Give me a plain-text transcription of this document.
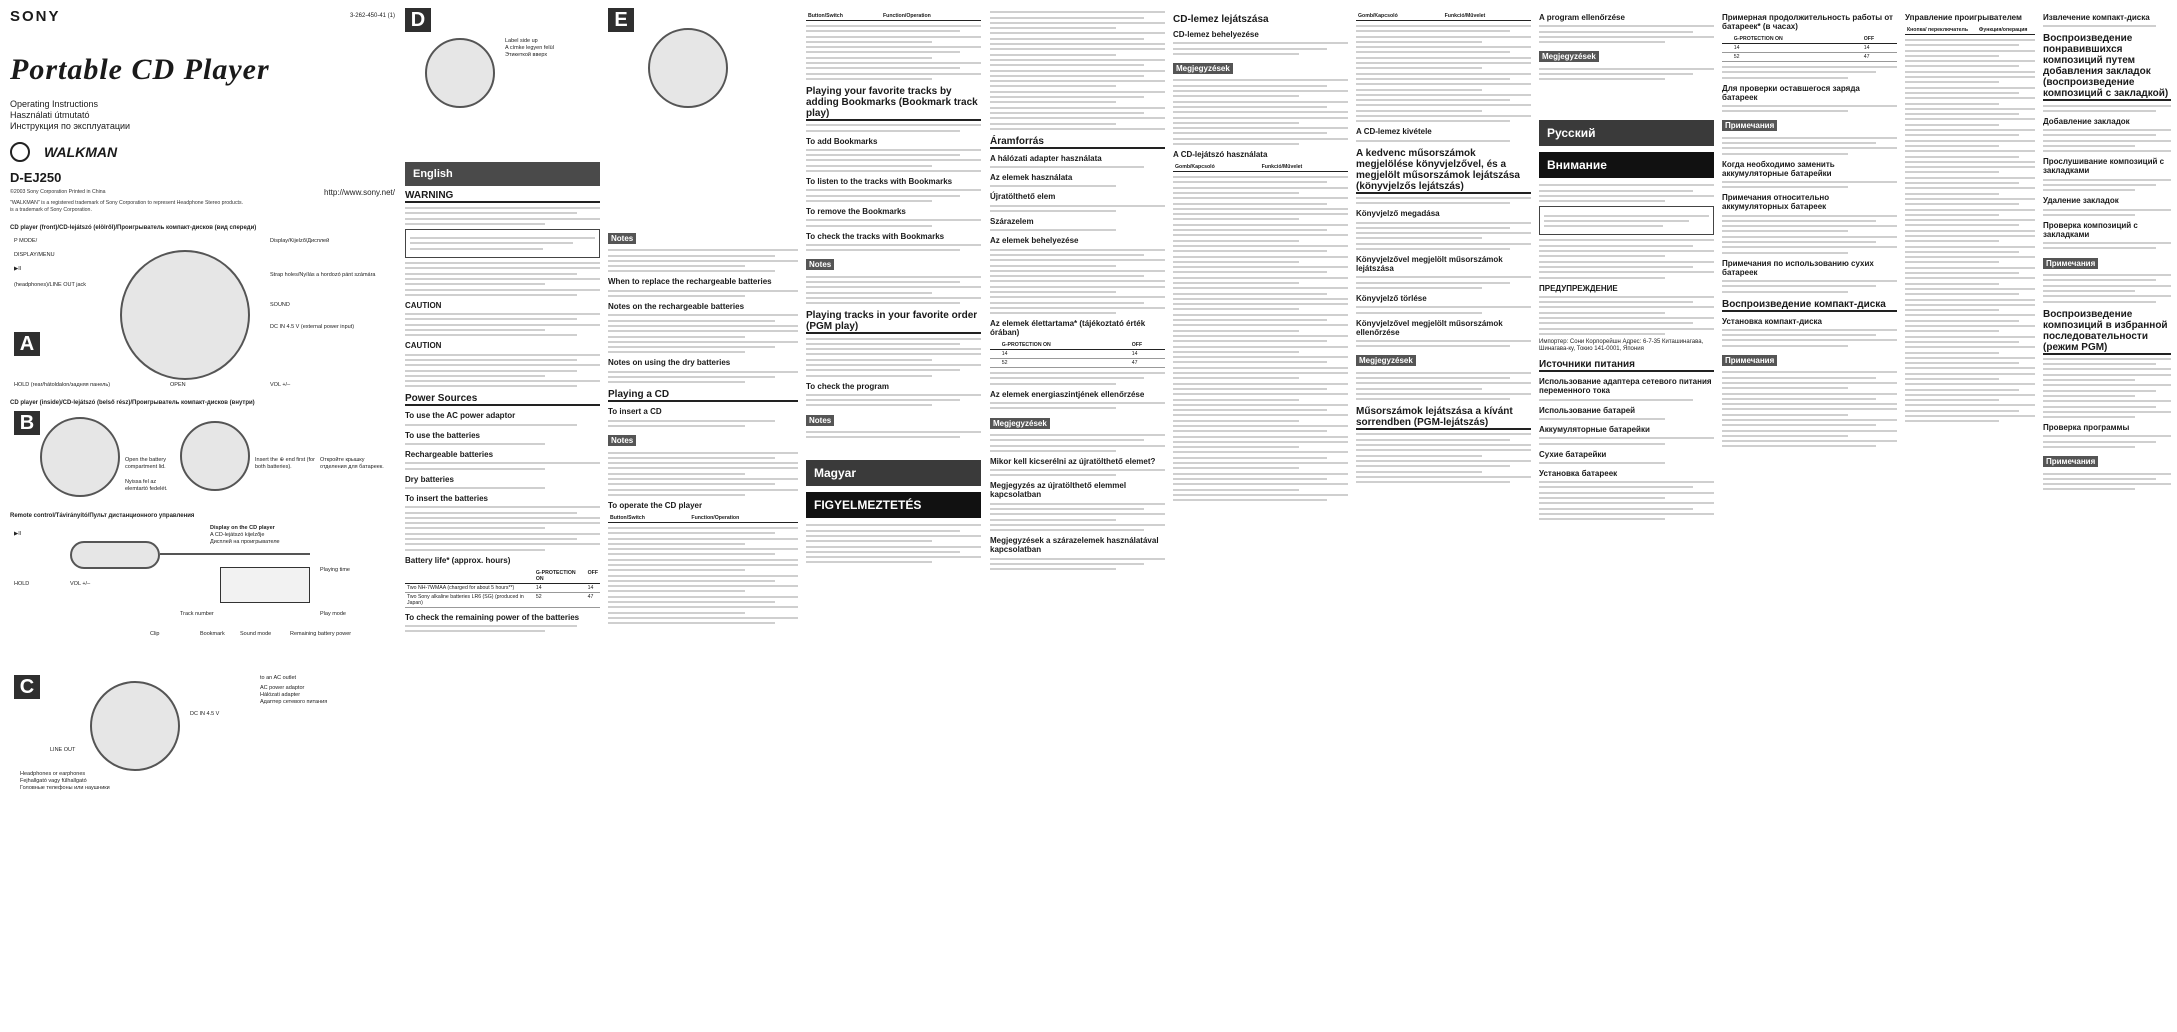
SONY	3-262-450-41 (1)
Portable CD Player
Operating Instructions
Használati útmutató
Инструкция по эксплуатации
WALKMAN
D-EJ250
©2003 Sony Corporation Printed in China	http://www.sony.net/
"WALKMAN" is a registered trademark of Sony Corporation to represent Headphone Stereo products.
is a trademark of Sony Corporation.
CD player (front)/CD-lejátszó (elölről)/Проигрыватель компакт-дисков (вид спереди)
A
P MODE/
DISPLAY/MENU
▶II
(headphones)/LINE OUT jack
HOLD (rear/hátoldalon/задняя панель)
Display/Kijelző/Дисплей
Strap holes/Nyílás a hordozó pánt számára
SOUND
DC IN 4.5 V (external power input)
VOL +/–
OPEN
CD player (inside)/CD-lejátszó (belső rész)/Проигрыватель компакт-дисков (внутри)
B
Open the battery compartment lid.
Insert the ⊕ end first (for both batteries).
Nyissa fel az elemtartó fedelét.
Откройте крышку отделения для батареек.
Remote control/Távirányító/Пульт дистанционного управления
▶II
HOLD	VOL +/–
Display on the CD player
A CD-lejátszó kijelzője
Дисплей на проигрывателе
Track number
Playing time
Play mode
Sound mode
Bookmark	Remaining battery power
Clip
C	to an AC outlet
AC power adaptor
Hálózati adapter
Адаптер сетевого питания
DC IN 4.5 V
LINE OUT
Headphones or earphones
Fejhallgató vagy fülhallgató
Головные телефоны или наушники
D
Label side up
A címke legyen felül
Этикеткой вверх
English
WARNING
CAUTION
CAUTION
Power Sources
To use the AC power adaptor
To use the batteries
Rechargeable batteries
Dry batteries
To insert the batteries
Battery life* (approx. hours)
	G-PROTECTION ON	OFF
Two NH-7WMAA (charged for about 5 hours**)	14	14
Two Sony alkaline batteries LR6 (SG) (produced in Japan)	52	47
To check the remaining power of the batteries
E
Notes
When to replace the rechargeable batteries
Notes on the rechargeable batteries
Notes on using the dry batteries
Playing a CD
To insert a CD
Notes
To operate the CD player
Button/Switch	Function/Operation
Button/Switch	Function/Operation
Playing your favorite tracks by adding Bookmarks (Bookmark track play)
To add Bookmarks
To listen to the tracks with Bookmarks
To remove the Bookmarks
To check the tracks with Bookmarks
Notes
Playing tracks in your favorite order (PGM play)
To check the program
Notes
Magyar
FIGYELMEZTETÉS
Áramforrás
A hálózati adapter használata
Az elemek használata
Újratölthető elem
Szárazelem
Az elemek behelyezése
Az elemek élettartama* (tájékoztató érték órában)
	G-PROTECTION ON	OFF
	14	14
	52	47
Az elemek energiaszintjének ellenőrzése
Megjegyzések
Mikor kell kicserélni az újratölthető elemet?
Megjegyzés az újratölthető elemmel kapcsolatban
Megjegyzések a szárazelemek használatával kapcsolatban
CD-lemez lejátszása
CD-lemez behelyezése
Megjegyzések
A CD-lejátszó használata
Gomb/Kapcsoló	Funkció/Művelet
Gomb/Kapcsoló	Funkció/Művelet
A CD-lemez kivétele
A kedvenc műsorszámok megjelölése könyvjelzővel, és a megjelölt műsorszámok lejátszása (könyvjelzős lejátszás)
Könyvjelző megadása
Könyvjelzővel megjelölt műsorszámok lejátszása
Könyvjelző törlése
Könyvjelzővel megjelölt műsorszámok ellenőrzése
Megjegyzések
Műsorszámok lejátszása a kívánt sorrendben (PGM-lejátszás)
A program ellenőrzése
Megjegyzések
Русский
Внимание
ПРЕДУПРЕЖДЕНИЕ
Импортер: Сони Корпорейшн Адрес: 6-7-35 Киташинагава, Шинагава-ку, Токио 141-0001, Япония
Источники питания
Использование адаптера сетевого питания переменного тока
Использование батарей
Аккумуляторные батарейки
Сухие батарейки
Установка батареек
Примерная продолжительность работы от батареек* (в часах)
	G-PROTECTION ON	OFF
	14	14
	52	47
Для проверки оставшегося заряда батареек
Примечания
Когда необходимо заменить аккумуляторные батарейки
Примечания относительно аккумуляторных батареек
Примечания по использованию сухих батареек
Воспроизведение компакт-диска
Установка компакт-диска
Примечания
Управление проигрывателем
Кнопка/ переключатель	Функция/операция
Извлечение компакт-диска
Воспроизведение понравившихся композиций путем добавления закладок (воспроизведение композиций с закладкой)
Добавление закладок
Прослушивание композиций с закладками
Удаление закладок
Проверка композиций с закладками
Примечания
Воспроизведение композиций в избранной последовательности (режим PGM)
Проверка программы
Примечания
